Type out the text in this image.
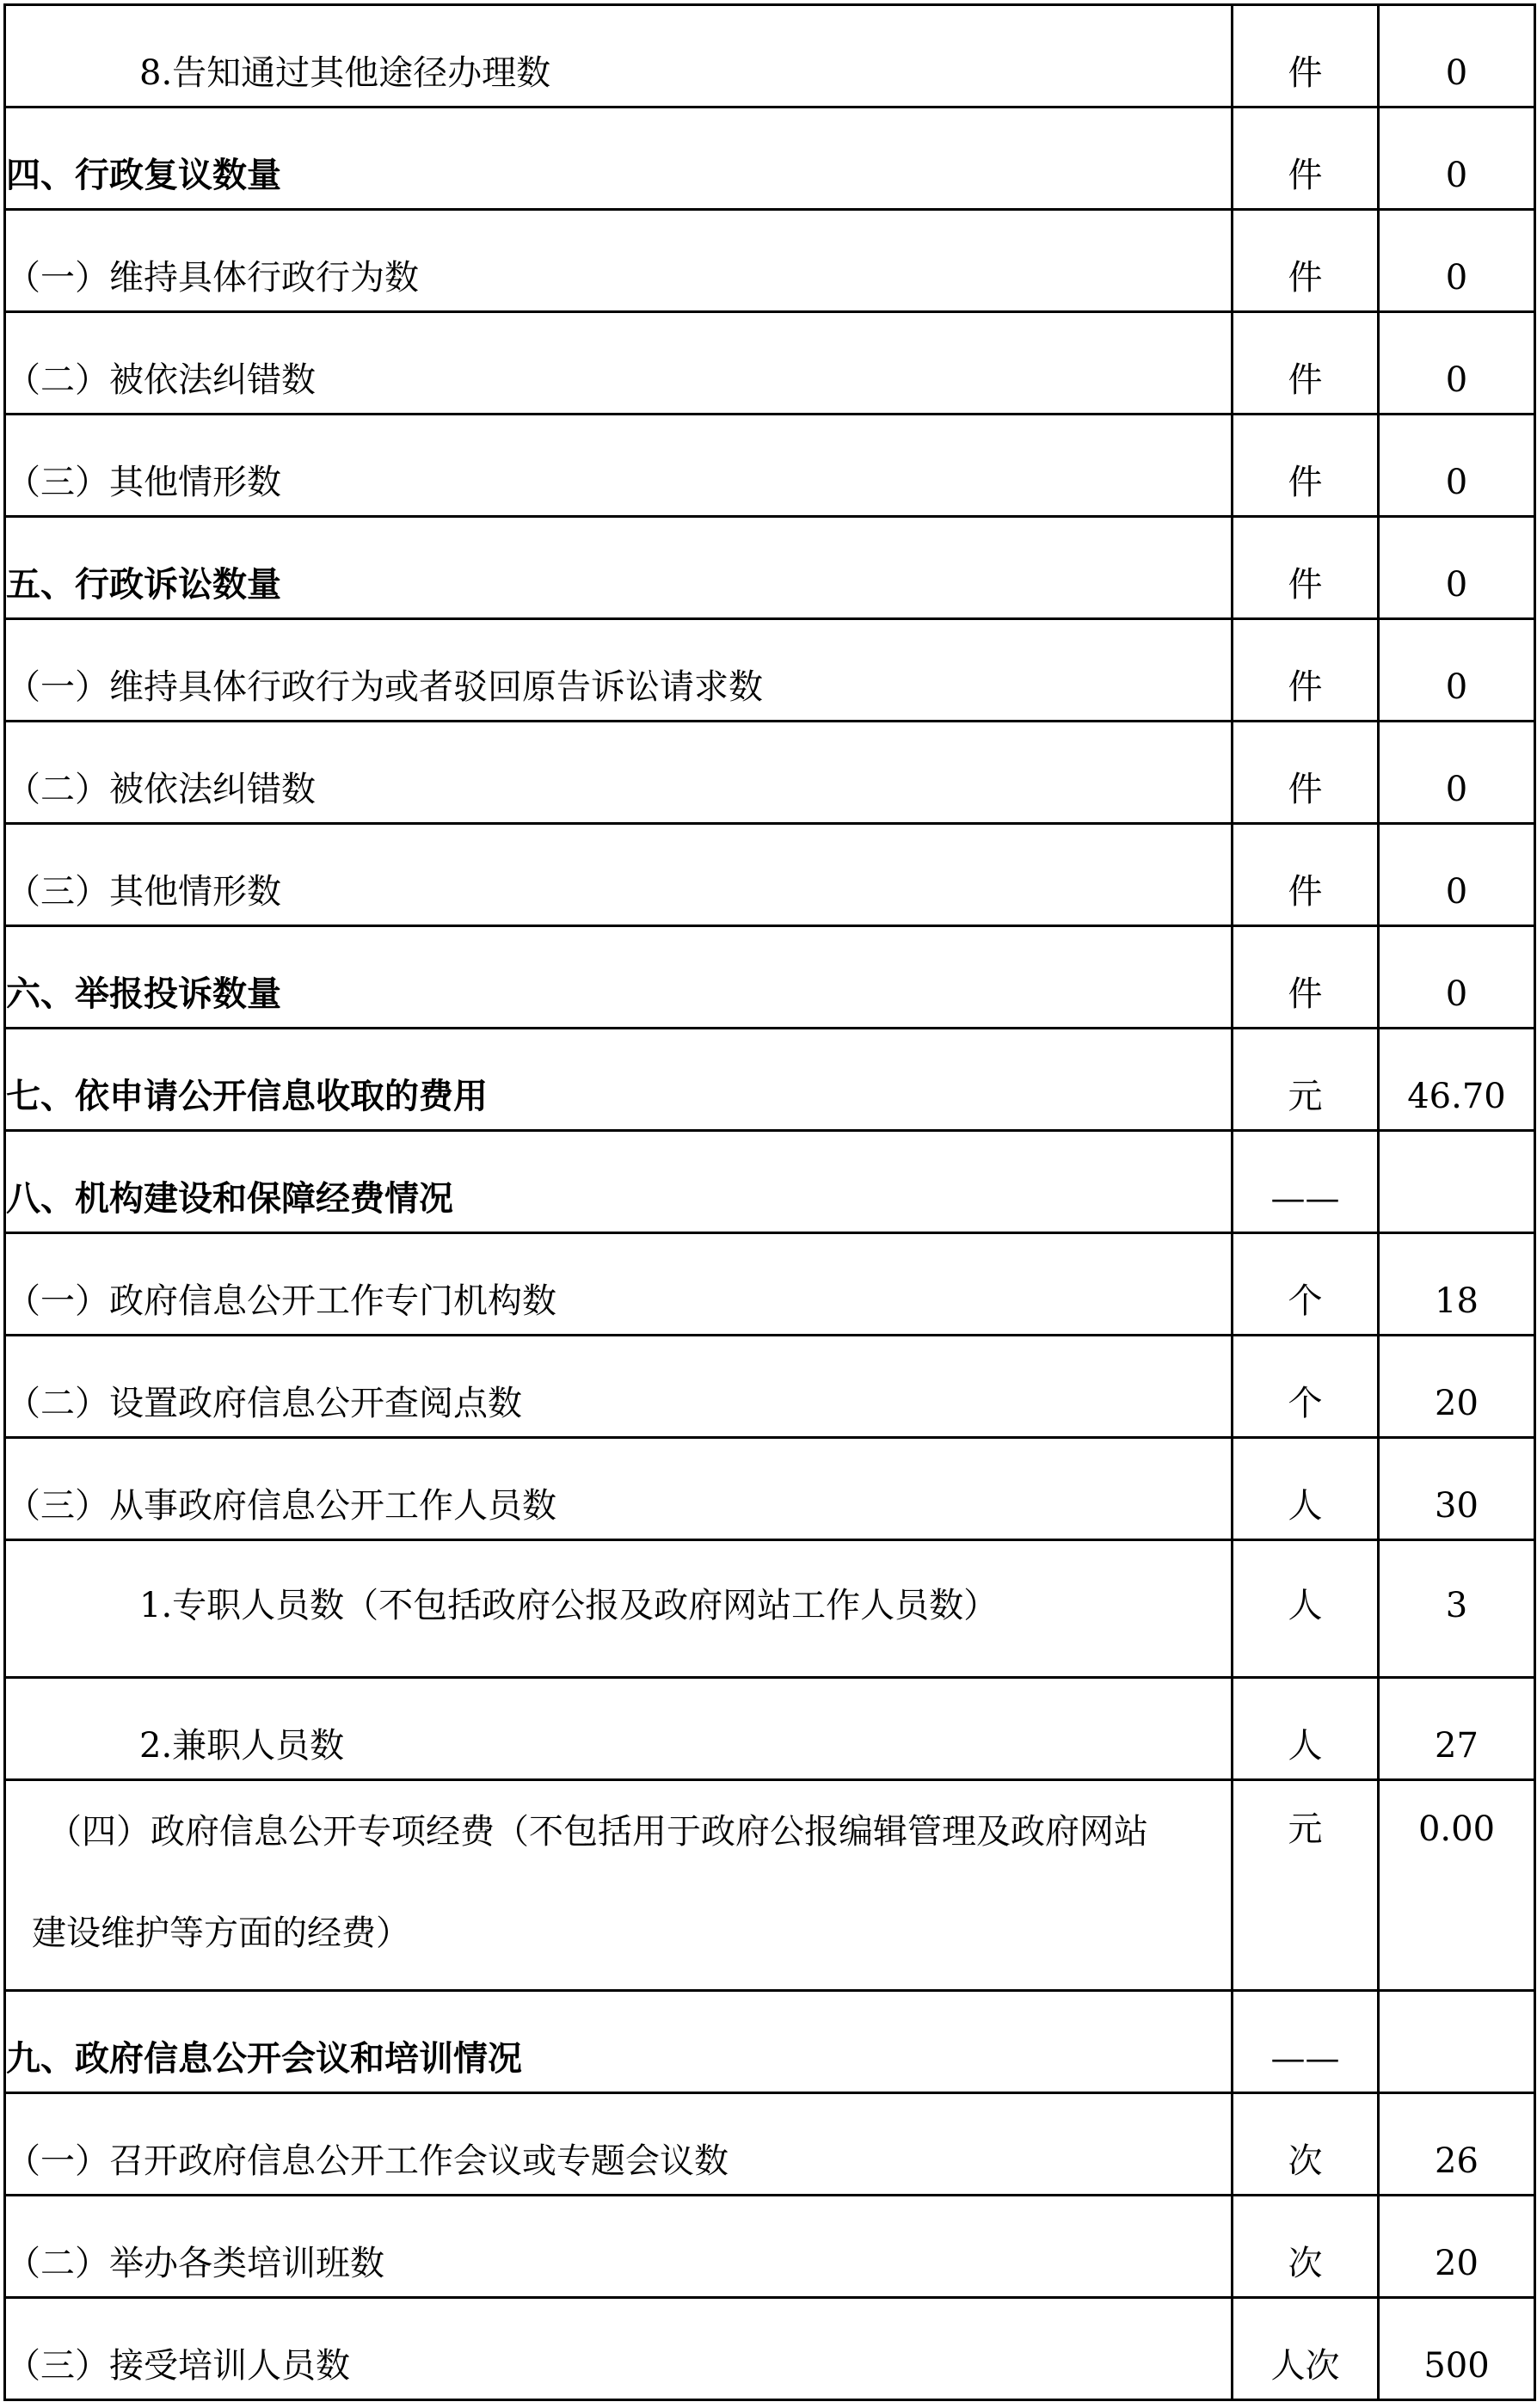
8.告知通过其他途径办理数	件	0
四、行政复议数量	件	0
（一）维持具体行政行为数	件	0
（二）被依法纠错数	件	0
（三）其他情形数	件	0
五、行政诉讼数量	件	0
（一）维持具体行政行为或者驳回原告诉讼请求数	件	0
（二）被依法纠错数	件	0
（三）其他情形数	件	0
六、举报投诉数量	件	0
七、依申请公开信息收取的费用	元	46.70
八、机构建设和保障经费情况	——	
（一）政府信息公开工作专门机构数	个	18
（二）设置政府信息公开查阅点数	个	20
（三）从事政府信息公开工作人员数	人	30
1.专职人员数（不包括政府公报及政府网站工作人员数）	人	3
2.兼职人员数	人	27
（四）政府信息公开专项经费（不包括用于政府公报编辑管理及政府网站
建设维护等方面的经费）	元	0.00
九、政府信息公开会议和培训情况	——	
（一）召开政府信息公开工作会议或专题会议数	次	26
（二）举办各类培训班数	次	20
（三）接受培训人员数	人次	500
